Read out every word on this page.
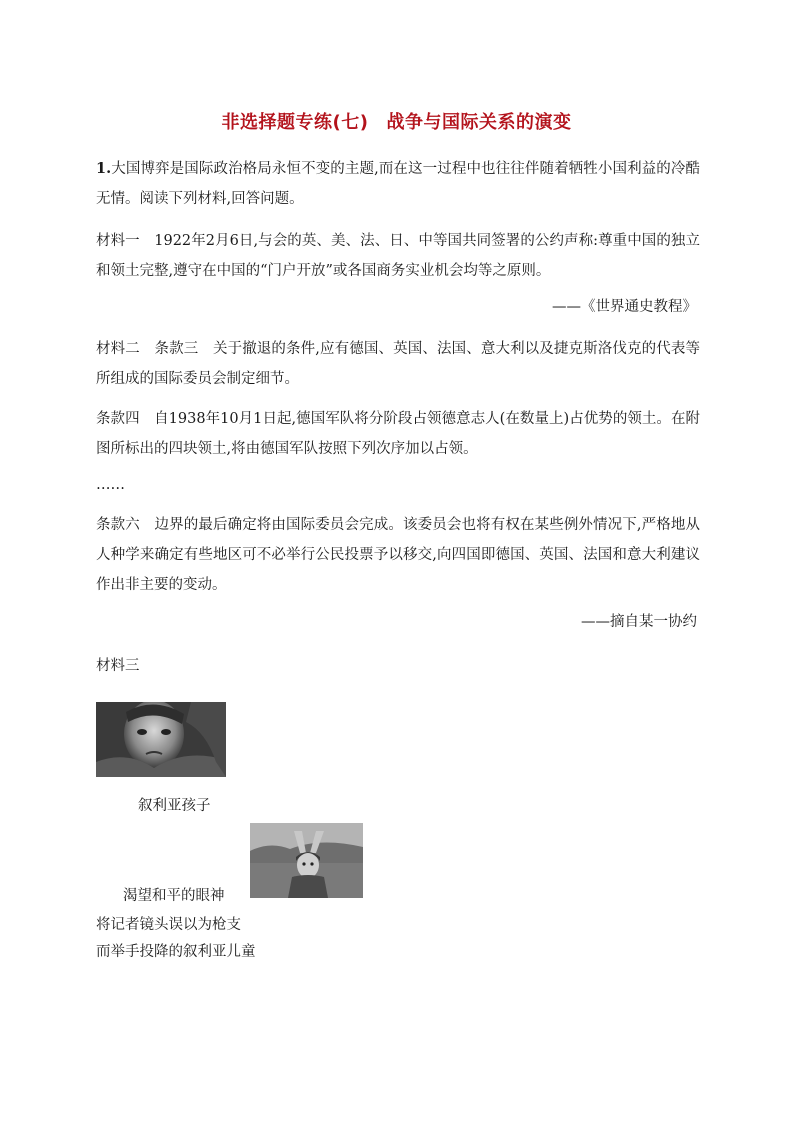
非选择题专练(七) 战争与国际关系的演变
1.大国博弈是国际政治格局永恒不变的主题,而在这一过程中也往往伴随着牺牲小国利益的冷酷无情。阅读下列材料,回答问题。
材料一　1922年2月6日,与会的英、美、法、日、中等国共同签署的公约声称:尊重中国的独立和领土完整,遵守在中国的“门户开放”或各国商务实业机会均等之原则。
——《世界通史教程》
材料二　条款三　关于撤退的条件,应有德国、英国、法国、意大利以及捷克斯洛伐克的代表等所组成的国际委员会制定细节。
条款四　自1938年10月1日起,德国军队将分阶段占领德意志人(在数量上)占优势的领土。在附图所标出的四块领土,将由德国军队按照下列次序加以占领。
……
条款六　边界的最后确定将由国际委员会完成。该委员会也将有权在某些例外情况下,严格地从人种学来确定有些地区可不必举行公民投票予以移交,向四国即德国、英国、法国和意大利建议作出非主要的变动。
——摘自某一协约
材料三
叙利亚孩子
渴望和平的眼神
将记者镜头误以为枪支
而举手投降的叙利亚儿童
